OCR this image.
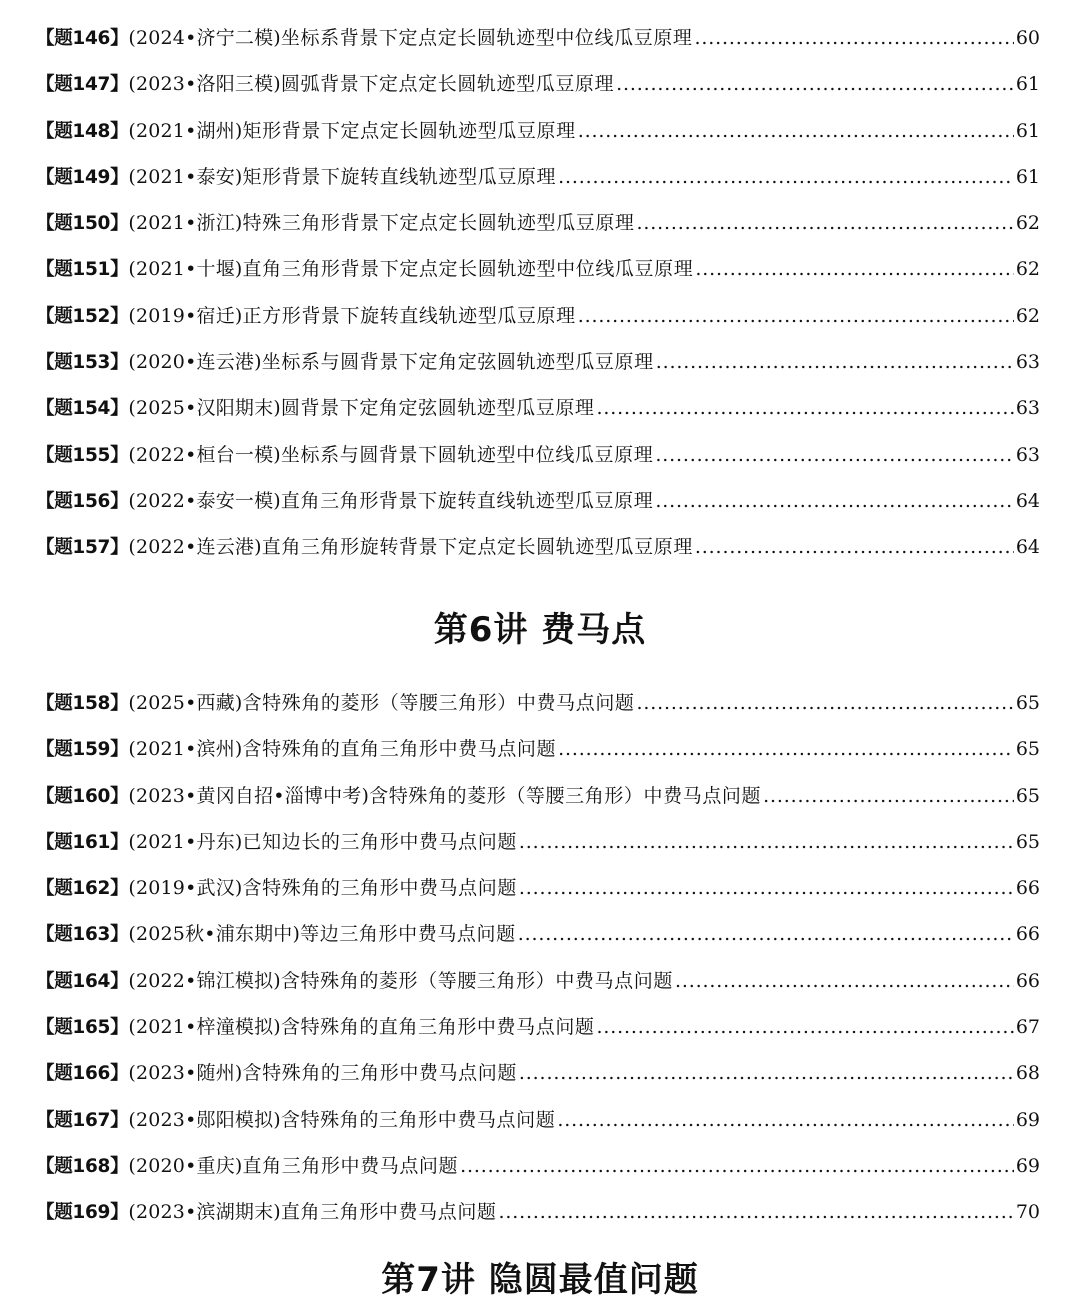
【题146】 (2024•济宁二模) 坐标系背景下定点定长圆轨迹型中位线瓜豆原理 . . .	60
【题147】 (2023•洛阳三模) 圆弧背景下定点定长圆轨迹型瓜豆原理 . . .	61
【题148】 (2021•湖州) 矩形背景下定点定长圆轨迹型瓜豆原理 . . .	61
【题149】 (2021•泰安) 矩形背景下旋转直线轨迹型瓜豆原理 . . .	61
【题150】 (2021•浙江) 特殊三角形背景下定点定长圆轨迹型瓜豆原理 . . .	62
【题151】 (2021•十堰) 直角三角形背景下定点定长圆轨迹型中位线瓜豆原理 . . .	62
【题152】 (2019•宿迁) 正方形背景下旋转直线轨迹型瓜豆原理 . . .	62
【题153】 (2020•连云港) 坐标系与圆背景下定角定弦圆轨迹型瓜豆原理 . . .	63
【题154】 (2025•汉阳期末) 圆背景下定角定弦圆轨迹型瓜豆原理 . . .	63
【题155】 (2022•桓台一模) 坐标系与圆背景下圆轨迹型中位线瓜豆原理 . . .	63
【题156】 (2022•泰安一模) 直角三角形背景下旋转直线轨迹型瓜豆原理 . . .	64
【题157】 (2022•连云港) 直角三角形旋转背景下定点定长圆轨迹型瓜豆原理 . . .	64
第6讲 费马点
【题158】 (2025•西藏) 含特殊角的菱形（等腰三角形）中费马点问题 . . .	65
【题159】 (2021•滨州) 含特殊角的直角三角形中费马点问题 . . .	65
【题160】 (2023•黄冈自招•淄博中考) 含特殊角的菱形（等腰三角形）中费马点问题 . . .	65
【题161】 (2021•丹东) 已知边长的三角形中费马点问题 . . .	65
【题162】 (2019•武汉) 含特殊角的三角形中费马点问题 . . .	66
【题163】 (2025秋•浦东期中) 等边三角形中费马点问题 . . .	66
【题164】 (2022•锦江模拟) 含特殊角的菱形（等腰三角形）中费马点问题 . . .	66
【题165】 (2021•梓潼模拟) 含特殊角的直角三角形中费马点问题 . . .	67
【题166】 (2023•随州) 含特殊角的三角形中费马点问题 . . .	68
【题167】 (2023•郧阳模拟) 含特殊角的三角形中费马点问题 . . .	69
【题168】 (2020•重庆) 直角三角形中费马点问题 . . .	69
【题169】 (2023•滨湖期末) 直角三角形中费马点问题 . . .	70
第7讲 隐圆最值问题
